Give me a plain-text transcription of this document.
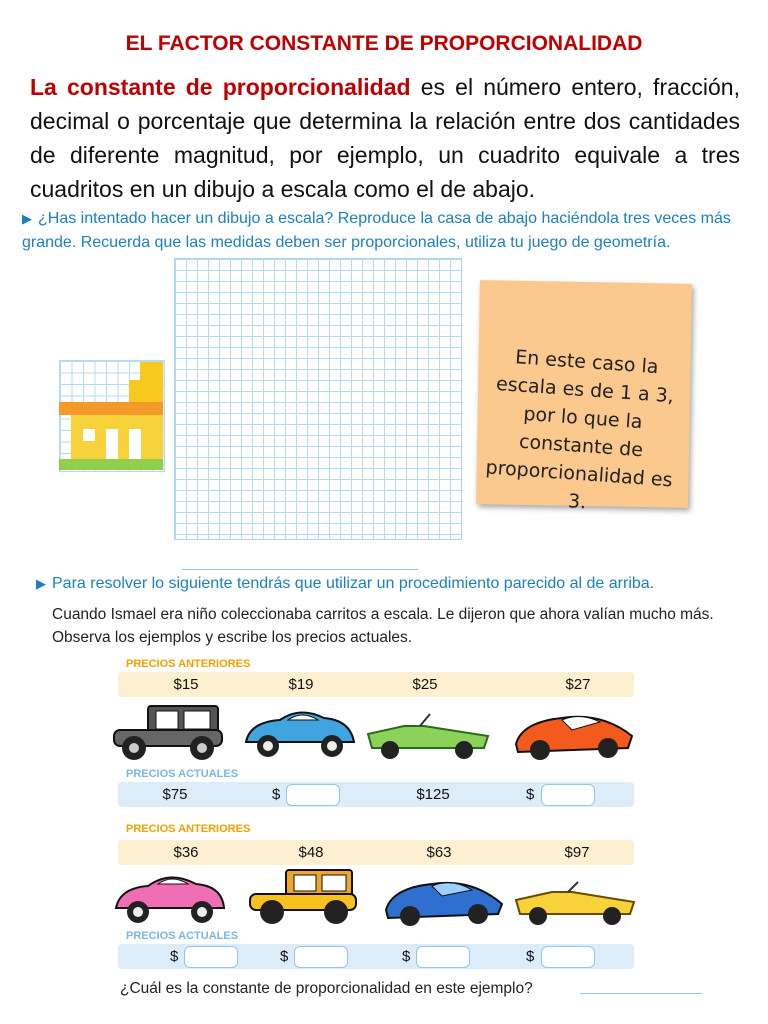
EL FACTOR CONSTANTE DE PROPORCIONALIDAD
La constante de proporcionalidad es el número entero, fracción, decimal o porcentaje que determina la relación entre dos cantidades de diferente magnitud, por ejemplo, un cuadrito equivale a tres cuadritos en un dibujo a escala como el de abajo.
▶ ¿Has intentado hacer un dibujo a escala? Reproduce la casa de abajo haciéndola tres veces más grande. Recuerda que las medidas deben ser proporcionales, utiliza tu juego de geometría.
En este caso la escala es de 1 a 3, por lo que la constante de proporcionalidad es 3.
▶ Para resolver lo siguiente tendrás que utilizar un procedimiento parecido al de arriba.
Cuando Ismael era niño coleccionaba carritos a escala. Le dijeron que ahora valían mucho más. Observa los ejemplos y escribe los precios actuales.
PRECIOS ANTERIORES
$15	$19	$25	$27
PRECIOS ACTUALES
$75	$	$125	$
PRECIOS ANTERIORES
$36	$48	$63	$97
PRECIOS ACTUALES
$	$	$	$
¿Cuál es la constante de proporcionalidad en este ejemplo?
